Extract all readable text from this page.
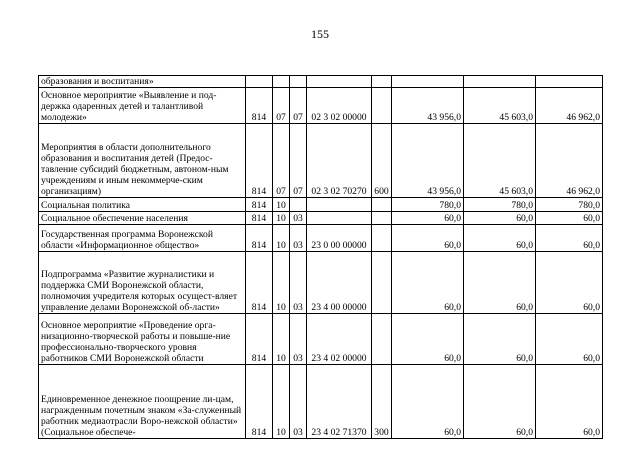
155
образования и воспитания»								
Основное мероприятие «Выявление и под-держка одаренных детей и талантливой молодежи»	814	07	07	02 3 02 00000		43 956,0	45 603,0	46 962,0
Мероприятия в области дополнительного образования и воспитания детей (Предос-тавление субсидий бюджетным, автоном-ным учреждениям и иным некоммерче-ским организациям)	814	07	07	02 3 02 70270	600	43 956,0	45 603,0	46 962,0
Социальная политика	814	10				780,0	780,0	780,0
Социальное обеспечение населения	814	10	03			60,0	60,0	60,0
Государственная программа Воронежской области «Информационное общество»	814	10	03	23 0 00 00000		60,0	60,0	60,0
Подпрограмма «Развитие журналистики и поддержка СМИ Воронежской области, полномочия учредителя которых осущест-вляет управление делами Воронежской об-ласти»	814	10	03	23 4 00 00000		60,0	60,0	60,0
Основное мероприятие «Проведение орга-низационно-творческой работы и повыше-ние профессионально-творческого уровня работников СМИ Воронежской области	814	10	03	23 4 02 00000		60,0	60,0	60,0
Единовременное денежное поощрение ли-цам, награжденным почетным знаком «За-служенный работник медиаотрасли Воро-нежской области» (Социальное обеспече-	814	10	03	23 4 02 71370	300	60,0	60,0	60,0
